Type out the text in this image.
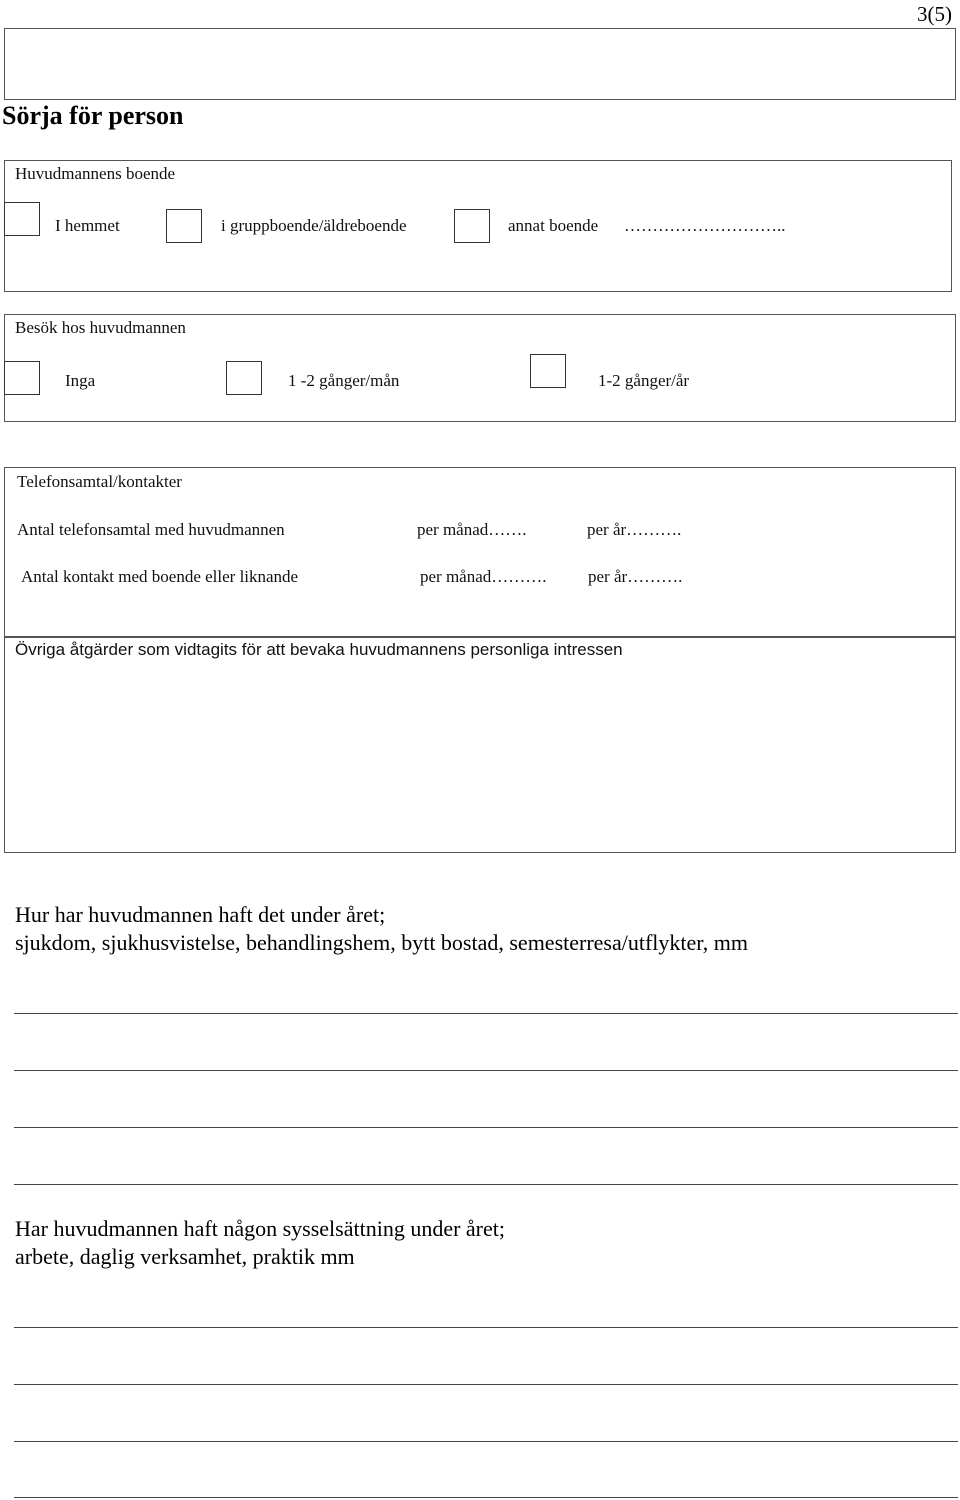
3(5)
Sörja för person
Huvudmannens boende
I hemmet	i gruppboende/äldreboende	annat boende ………………………..
Besök hos huvudmannen
Inga	1 -2 gånger/mån	1-2 gånger/år
Telefonsamtal/kontakter
Antal telefonsamtal med huvudmannen	per månad…….	per år……….
Antal kontakt med boende eller liknande	per månad………. per år……….
Övriga åtgärder som vidtagits för att bevaka huvudmannens personliga intressen
Hur har huvudmannen haft det under året;
sjukdom, sjukhusvistelse, behandlingshem, bytt bostad, semesterresa/utflykter, mm
Har huvudmannen haft någon sysselsättning under året;
arbete, daglig verksamhet, praktik mm
